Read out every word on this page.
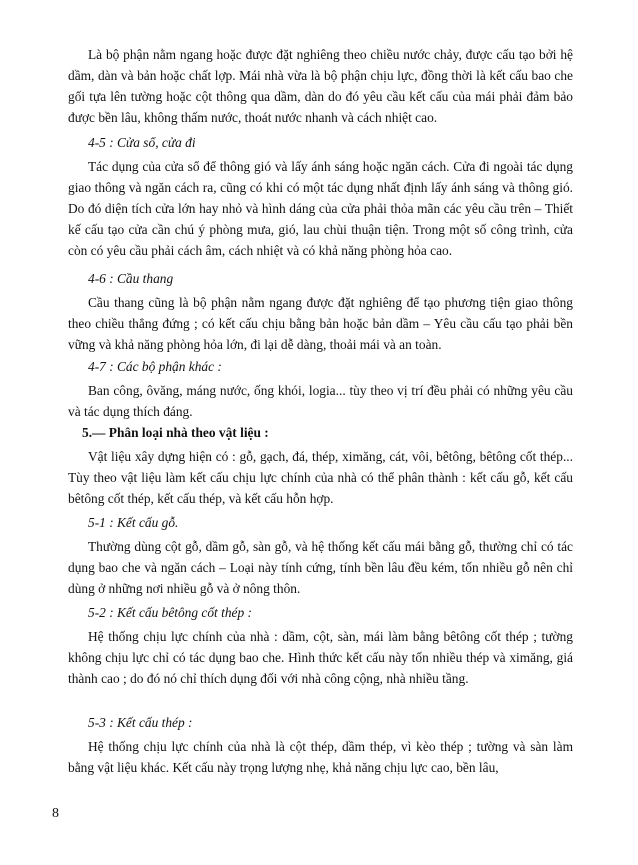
Là bộ phận nằm ngang hoặc được đặt nghiêng theo chiều nước chảy, được cấu tạo bởi hệ dầm, dàn và bản hoặc chất lợp. Mái nhà vừa là bộ phận chịu lực, đồng thời là kết cấu bao che gối tựa lên tường hoặc cột thông qua dầm, dàn do đó yêu cầu kết cấu của mái phải đảm bảo được bền lâu, không thấm nước, thoát nước nhanh và cách nhiệt cao.

4-5 : Cửa sổ, cửa đi

Tác dụng của cửa sổ để thông gió và lấy ánh sáng hoặc ngăn cách. Cửa đi ngoài tác dụng giao thông và ngăn cách ra, cũng có khi có một tác dụng nhất định lấy ánh sáng và thông gió. Do đó diện tích cửa lớn hay nhỏ và hình dáng của cửa phải thỏa mãn các yêu cầu trên – Thiết kế cấu tạo cửa cần chú ý phòng mưa, gió, lau chùi thuận tiện. Trong một số công trình, cửa còn có yêu cầu phải cách âm, cách nhiệt và có khả năng phòng hỏa cao.

4-6 : Cầu thang

Cầu thang cũng là bộ phận nằm ngang được đặt nghiêng để tạo phương tiện giao thông theo chiều thẳng đứng ; có kết cấu chịu bằng bản hoặc bản dầm – Yêu cầu cấu tạo phải bền vững và khả năng phòng hỏa lớn, đi lại dễ dàng, thoải mái và an toàn.

4-7 : Các bộ phận khác :

Ban công, ôvăng, máng nước, ống khói, logia... tùy theo vị trí đều phải có những yêu cầu và tác dụng thích đáng.

5.— Phân loại nhà theo vật liệu :

Vật liệu xây dựng hiện có : gỗ, gạch, đá, thép, ximăng, cát, vôi, bêtông, bêtông cốt thép... Tùy theo vật liệu làm kết cấu chịu lực chính của nhà có thể phân thành : kết cấu gỗ, kết cấu bêtông cốt thép, kết cấu thép, và kết cấu hỗn hợp.

5-1 : Kết cấu gỗ.

Thường dùng cột gỗ, dầm gỗ, sàn gỗ, và hệ thống kết cấu mái bằng gỗ, thường chỉ có tác dụng bao che và ngăn cách – Loại này tính cứng, tính bền lâu đều kém, tốn nhiều gỗ nên chỉ dùng ở những nơi nhiều gỗ và ở nông thôn.

5-2 : Kết cấu bêtông cốt thép :

Hệ thống chịu lực chính của nhà : dầm, cột, sàn, mái làm bằng bêtông cốt thép ; tường không chịu lực chỉ có tác dụng bao che. Hình thức kết cấu này tốn nhiều thép và ximăng, giá thành cao ; do đó nó chỉ thích dụng đối với nhà công cộng, nhà nhiều tầng.

5-3 : Kết cấu thép :

Hệ thống chịu lực chính của nhà là cột thép, dầm thép, vì kèo thép ; tường và sàn làm bằng vật liệu khác. Kết cấu này trọng lượng nhẹ, khả năng chịu lực cao, bền lâu,

8
